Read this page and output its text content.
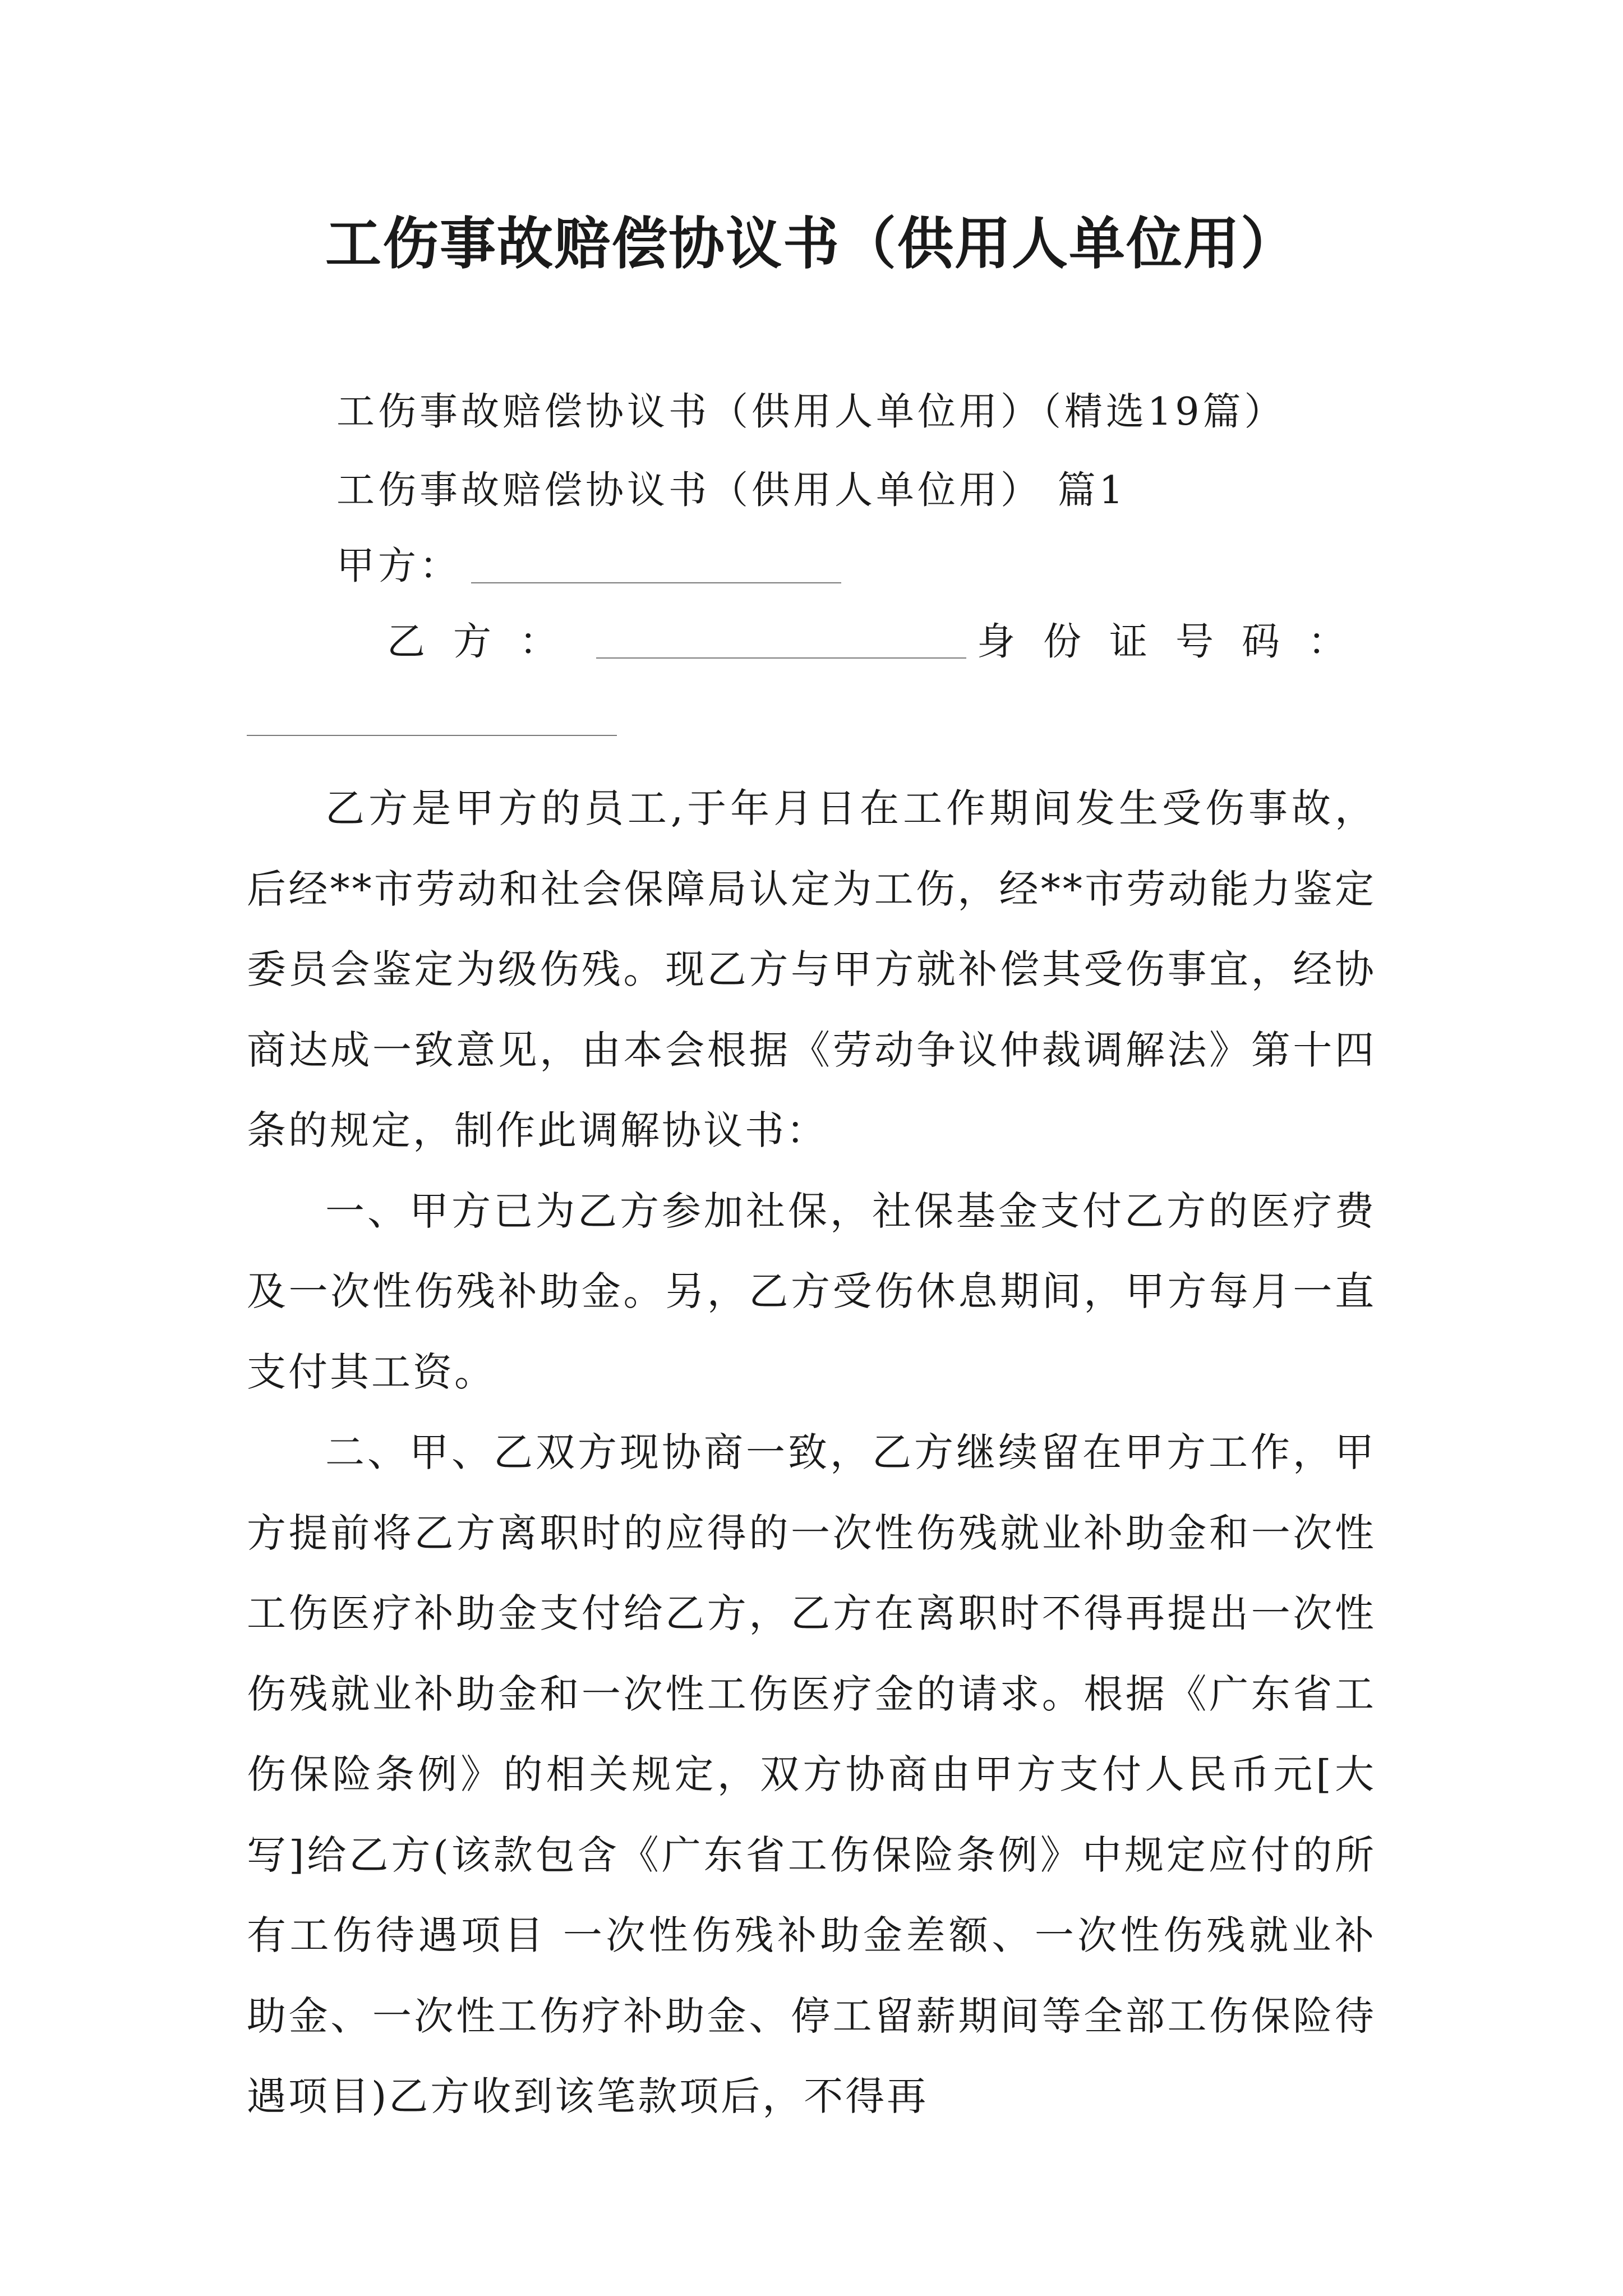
工伤事故赔偿协议书（供用人单位用）
工伤事故赔偿协议书（供用人单位用）（精选19篇）
工伤事故赔偿协议书（供用人单位用） 篇1
甲方：
乙方：	身份证号码：

乙方是甲方的员工,于年月日在工作期间发生受伤事故，后经**市劳动和社会保障局认定为工伤，经**市劳动能力鉴定委员会鉴定为级伤残。现乙方与甲方就补偿其受伤事宜，经协商达成一致意见，由本会根据《劳动争议仲裁调解法》第十四条的规定，制作此调解协议书：

一、甲方已为乙方参加社保，社保基金支付乙方的医疗费及一次性伤残补助金。另，乙方受伤休息期间，甲方每月一直支付其工资。

二、甲、乙双方现协商一致，乙方继续留在甲方工作，甲方提前将乙方离职时的应得的一次性伤残就业补助金和一次性工伤医疗补助金支付给乙方，乙方在离职时不得再提出一次性伤残就业补助金和一次性工伤医疗金的请求。根据《广东省工伤保险条例》的相关规定，双方协商由甲方支付人民币元[大写]给乙方(该款包含《广东省工伤保险条例》中规定应付的所有工伤待遇项目 一次性伤残补助金差额、一次性伤残就业补助金、一次性工伤疗补助金、停工留薪期间等全部工伤保险待遇项目)乙方收到该笔款项后，不得再
